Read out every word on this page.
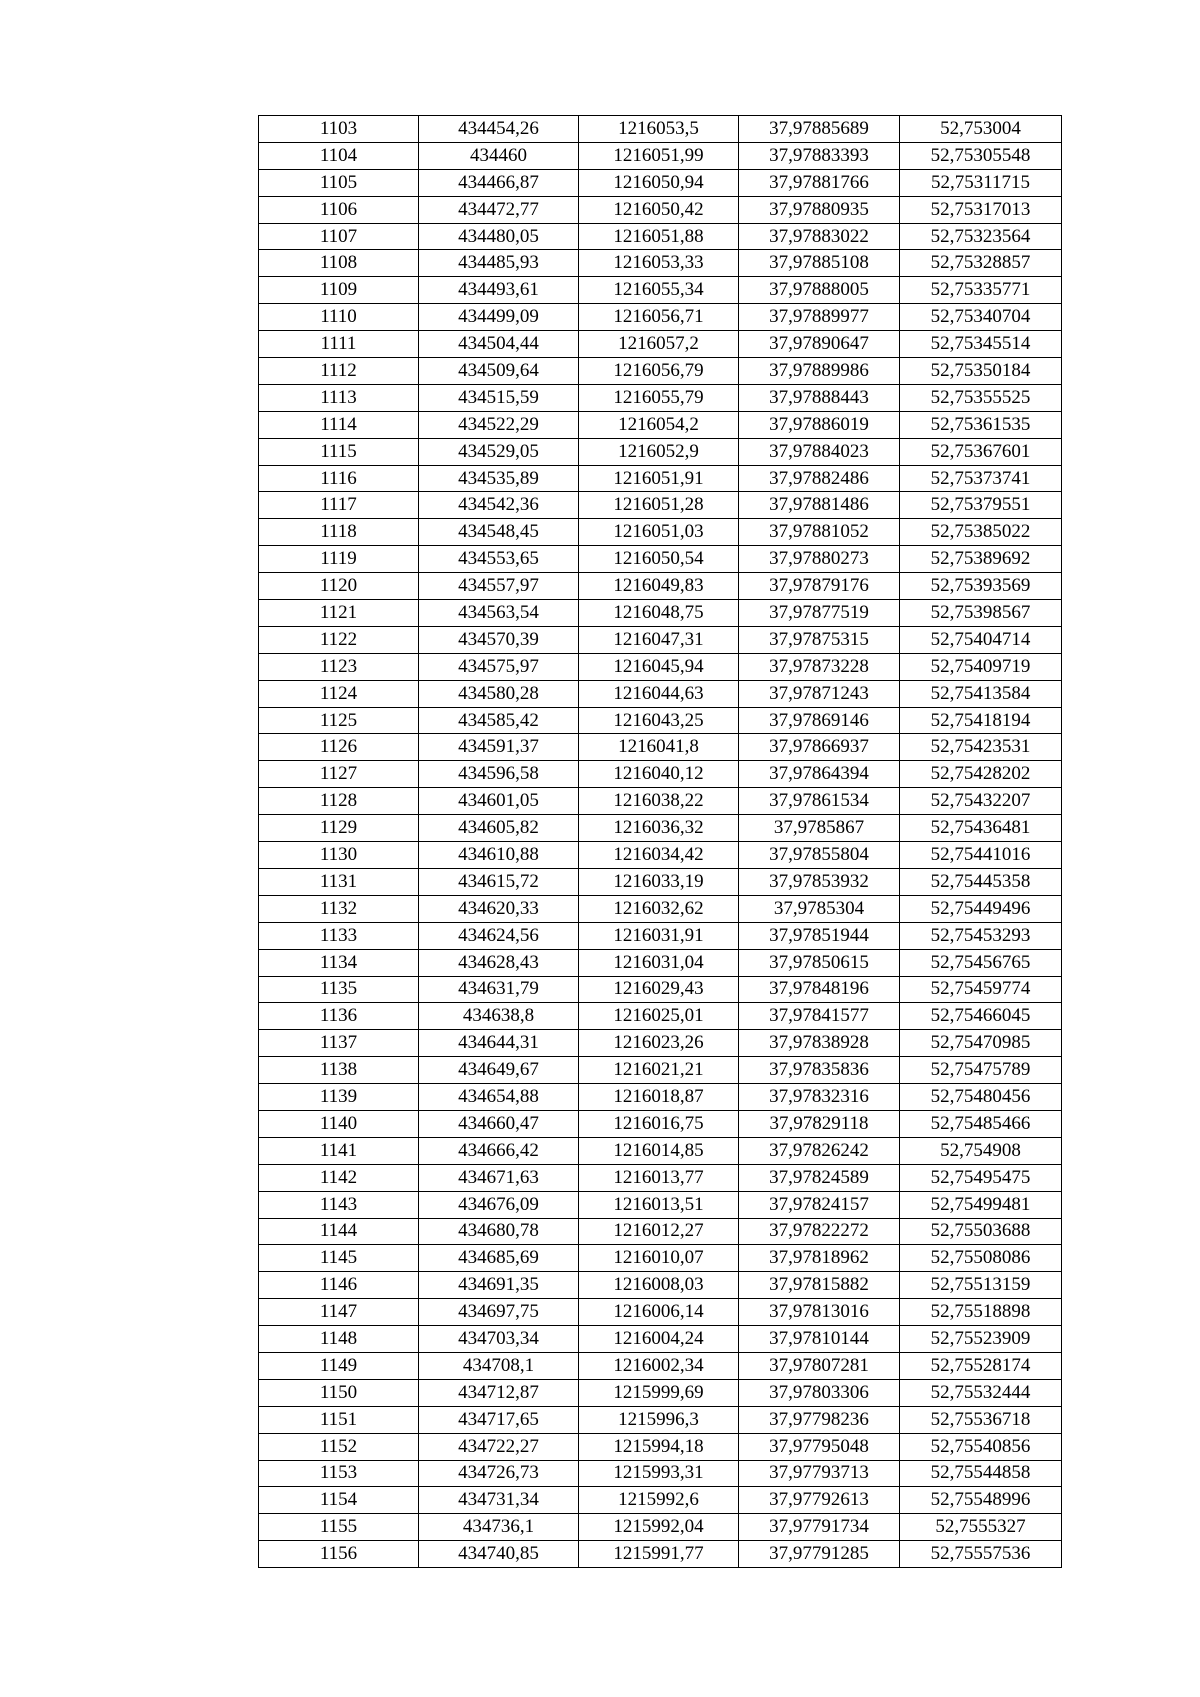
1103	434454,26	1216053,5	37,97885689	52,753004
1104	434460	1216051,99	37,97883393	52,75305548
1105	434466,87	1216050,94	37,97881766	52,75311715
1106	434472,77	1216050,42	37,97880935	52,75317013
1107	434480,05	1216051,88	37,97883022	52,75323564
1108	434485,93	1216053,33	37,97885108	52,75328857
1109	434493,61	1216055,34	37,97888005	52,75335771
1110	434499,09	1216056,71	37,97889977	52,75340704
1111	434504,44	1216057,2	37,97890647	52,75345514
1112	434509,64	1216056,79	37,97889986	52,75350184
1113	434515,59	1216055,79	37,97888443	52,75355525
1114	434522,29	1216054,2	37,97886019	52,75361535
1115	434529,05	1216052,9	37,97884023	52,75367601
1116	434535,89	1216051,91	37,97882486	52,75373741
1117	434542,36	1216051,28	37,97881486	52,75379551
1118	434548,45	1216051,03	37,97881052	52,75385022
1119	434553,65	1216050,54	37,97880273	52,75389692
1120	434557,97	1216049,83	37,97879176	52,75393569
1121	434563,54	1216048,75	37,97877519	52,75398567
1122	434570,39	1216047,31	37,97875315	52,75404714
1123	434575,97	1216045,94	37,97873228	52,75409719
1124	434580,28	1216044,63	37,97871243	52,75413584
1125	434585,42	1216043,25	37,97869146	52,75418194
1126	434591,37	1216041,8	37,97866937	52,75423531
1127	434596,58	1216040,12	37,97864394	52,75428202
1128	434601,05	1216038,22	37,97861534	52,75432207
1129	434605,82	1216036,32	37,9785867	52,75436481
1130	434610,88	1216034,42	37,97855804	52,75441016
1131	434615,72	1216033,19	37,97853932	52,75445358
1132	434620,33	1216032,62	37,9785304	52,75449496
1133	434624,56	1216031,91	37,97851944	52,75453293
1134	434628,43	1216031,04	37,97850615	52,75456765
1135	434631,79	1216029,43	37,97848196	52,75459774
1136	434638,8	1216025,01	37,97841577	52,75466045
1137	434644,31	1216023,26	37,97838928	52,75470985
1138	434649,67	1216021,21	37,97835836	52,75475789
1139	434654,88	1216018,87	37,97832316	52,75480456
1140	434660,47	1216016,75	37,97829118	52,75485466
1141	434666,42	1216014,85	37,97826242	52,754908
1142	434671,63	1216013,77	37,97824589	52,75495475
1143	434676,09	1216013,51	37,97824157	52,75499481
1144	434680,78	1216012,27	37,97822272	52,75503688
1145	434685,69	1216010,07	37,97818962	52,75508086
1146	434691,35	1216008,03	37,97815882	52,75513159
1147	434697,75	1216006,14	37,97813016	52,75518898
1148	434703,34	1216004,24	37,97810144	52,75523909
1149	434708,1	1216002,34	37,97807281	52,75528174
1150	434712,87	1215999,69	37,97803306	52,75532444
1151	434717,65	1215996,3	37,97798236	52,75536718
1152	434722,27	1215994,18	37,97795048	52,75540856
1153	434726,73	1215993,31	37,97793713	52,75544858
1154	434731,34	1215992,6	37,97792613	52,75548996
1155	434736,1	1215992,04	37,97791734	52,7555327
1156	434740,85	1215991,77	37,97791285	52,75557536
